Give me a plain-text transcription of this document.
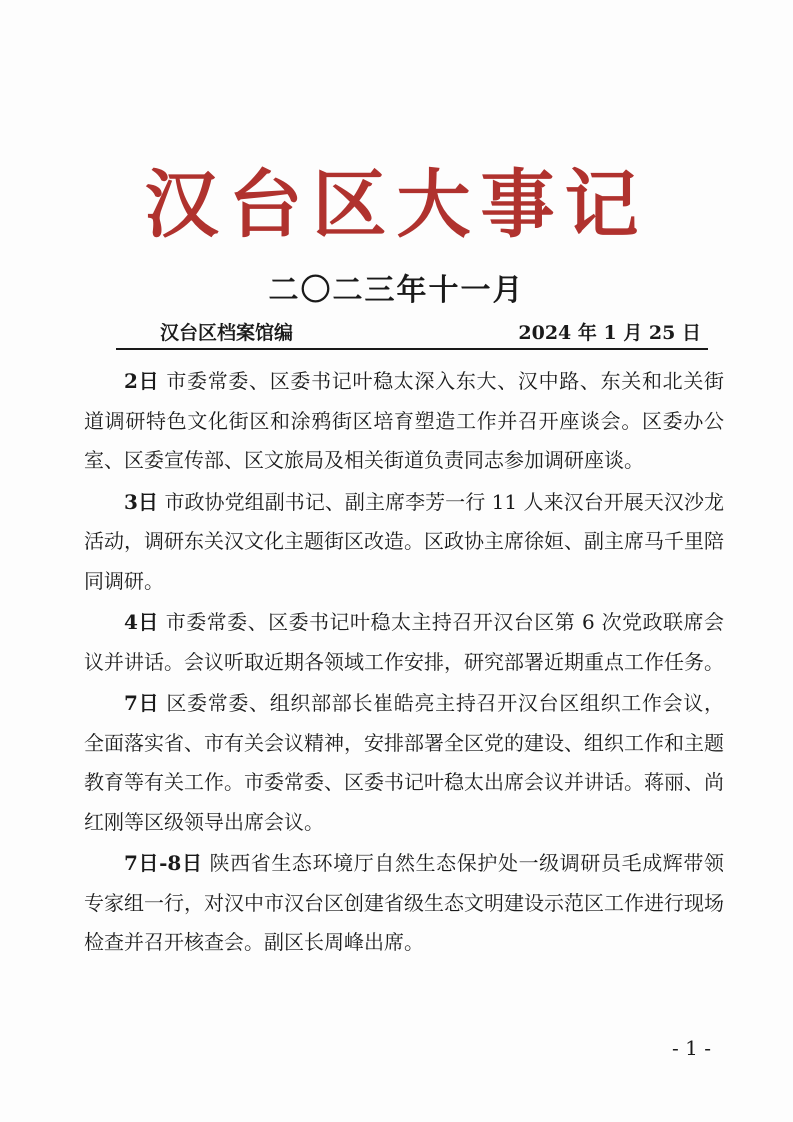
汉台区大事记
二〇二三年十一月
汉台区档案馆编	2024 年 1 月 25 日

2日 市委常委、区委书记叶稳太深入东大、汉中路、东关和北关街道调研特色文化街区和涂鸦街区培育塑造工作并召开座谈会。区委办公室、区委宣传部、区文旅局及相关街道负责同志参加调研座谈。

3日 市政协党组副书记、副主席李芳一行 11 人来汉台开展天汉沙龙活动，调研东关汉文化主题街区改造。区政协主席徐姮、副主席马千里陪同调研。

4日 市委常委、区委书记叶稳太主持召开汉台区第 6 次党政联席会议并讲话。会议听取近期各领域工作安排，研究部署近期重点工作任务。

7日 区委常委、组织部部长崔皓亮主持召开汉台区组织工作会议，全面落实省、市有关会议精神，安排部署全区党的建设、组织工作和主题教育等有关工作。市委常委、区委书记叶稳太出席会议并讲话。蒋丽、尚红刚等区级领导出席会议。

7日-8日 陕西省生态环境厅自然生态保护处一级调研员毛成辉带领专家组一行，对汉中市汉台区创建省级生态文明建设示范区工作进行现场检查并召开核查会。副区长周峰出席。

- 1 -
